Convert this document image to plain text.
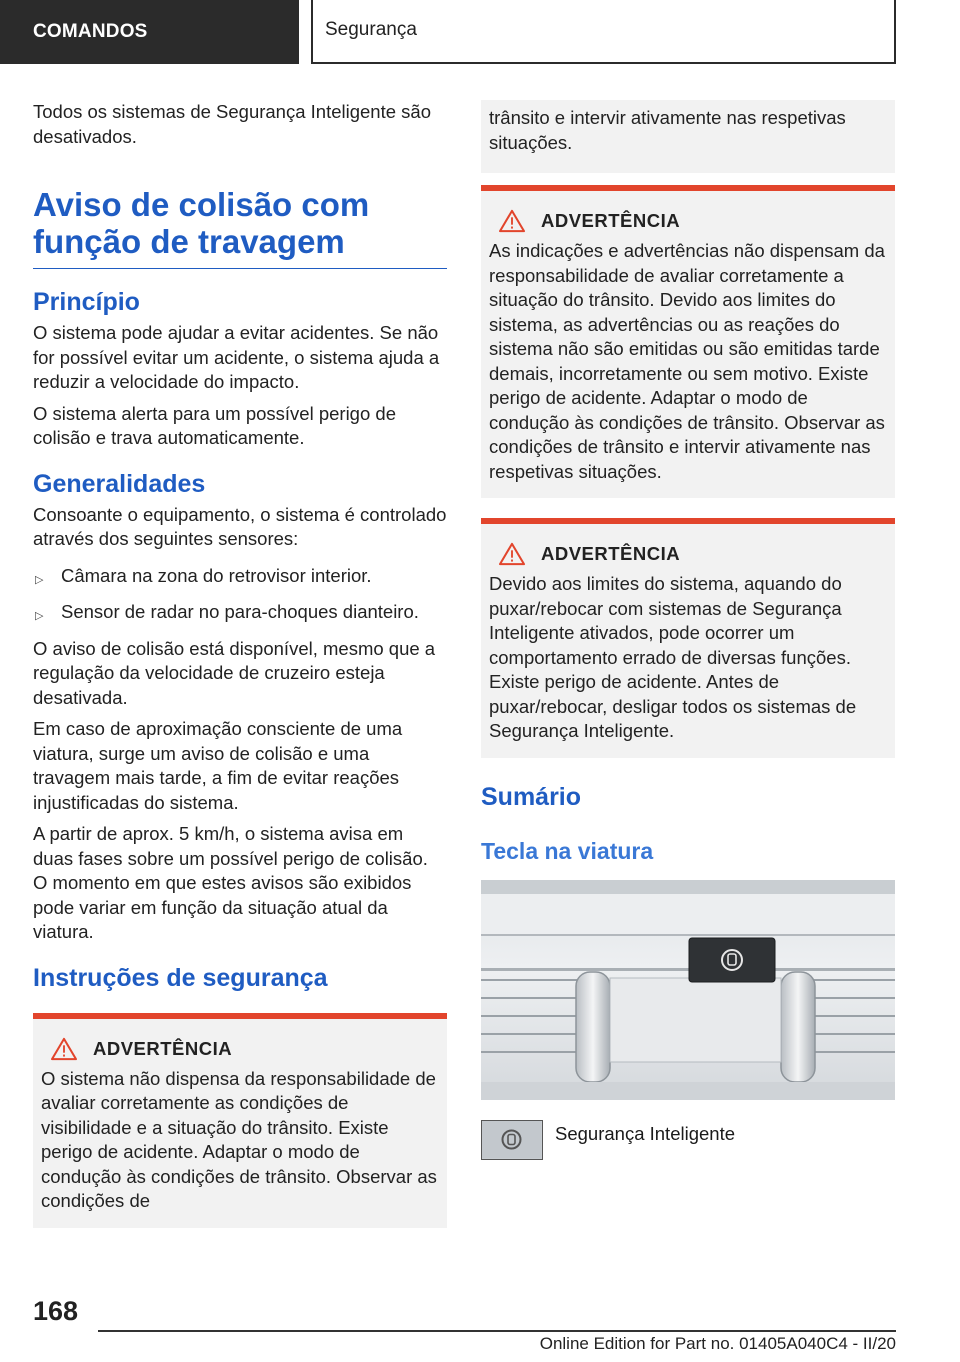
COMANDOS	Segurança

Todos os sistemas de Segurança Inteligente são desativados.

Aviso de colisão com função de travagem
Princípio

O sistema pode ajudar a evitar acidentes. Se não for possível evitar um acidente, o sistema ajuda a reduzir a velocidade do impacto.

O sistema alerta para um possível perigo de colisão e trava automaticamente.

Generalidades

Consoante o equipamento, o sistema é controlado através dos seguintes sensores:

▷ Câmara na zona do retrovisor interior.
▷ Sensor de radar no para-choques dianteiro.

O aviso de colisão está disponível, mesmo que a regulação da velocidade de cruzeiro esteja desativada.

Em caso de aproximação consciente de uma viatura, surge um aviso de colisão e uma travagem mais tarde, a fim de evitar reações injustificadas do sistema.

A partir de aprox. 5 km/h, o sistema avisa em duas fases sobre um possível perigo de colisão. O momento em que estes avisos são exibidos pode variar em função da situação atual da viatura.

Instruções de segurança
ADVERTÊNCIA

O sistema não dispensa da responsabilidade de avaliar corretamente as condições de visibilidade e a situação do trânsito. Existe perigo de acidente. Adaptar o modo de condução às condições de trânsito. Observar as condições de

trânsito e intervir ativamente nas respetivas situações.

ADVERTÊNCIA

As indicações e advertências não dispensam da responsabilidade de avaliar corretamente a situação do trânsito. Devido aos limites do sistema, as advertências ou as reações do sistema não são emitidas ou são emitidas tarde demais, incorretamente ou sem motivo. Existe perigo de acidente. Adaptar o modo de condução às condições de trânsito. Observar as condições de trânsito e intervir ativamente nas respetivas situações.

ADVERTÊNCIA

Devido aos limites do sistema, aquando do puxar/rebocar com sistemas de Segurança Inteligente ativados, pode ocorrer um comportamento errado de diversas funções. Existe perigo de acidente. Antes de puxar/rebocar, desligar todos os sistemas de Segurança Inteligente.

Sumário
Tecla na viatura
Segurança Inteligente
168
Online Edition for Part no. 01405A040C4 - II/20
